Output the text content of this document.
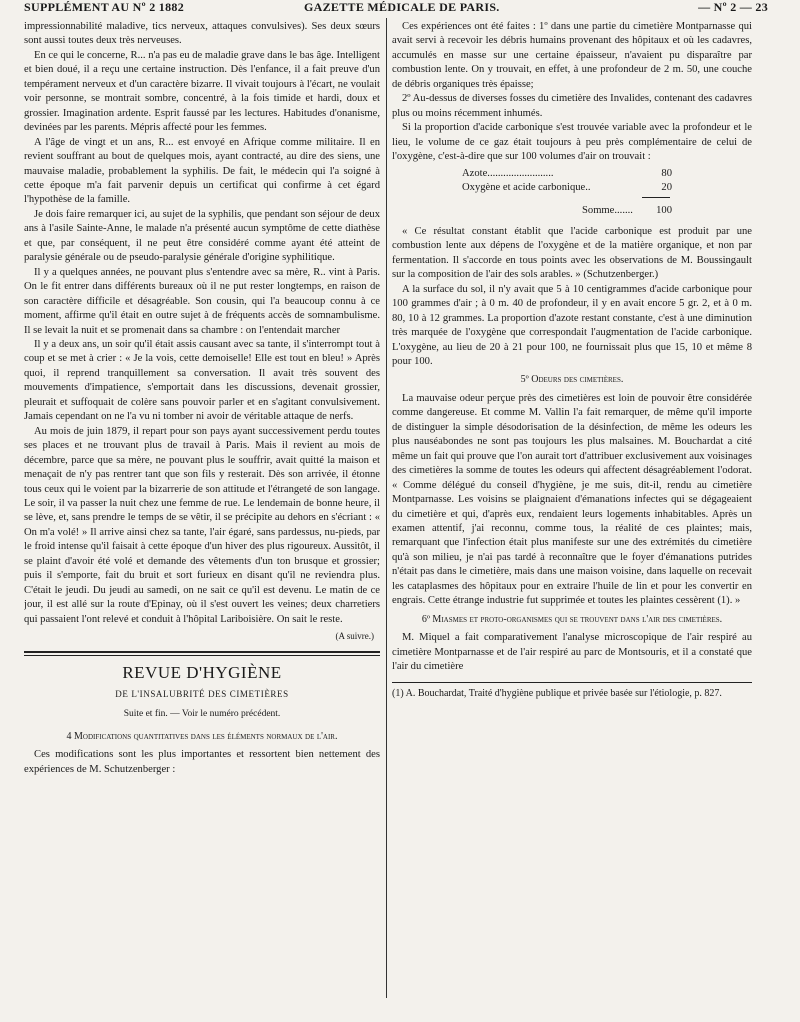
SUPPLÉMENT AU Nº 2 1882	GAZETTE MÉDICALE DE PARIS.	— Nº 2 — 23

impressionnabilité maladive, tics nerveux, attaques convulsives). Ses deux sœurs sont aussi toutes deux très nerveuses.

En ce qui le concerne, R... n'a pas eu de maladie grave dans le bas âge. Intelligent et bien doué, il a reçu une certaine instruction. Dès l'enfance, il a fait preuve d'un tempérament nerveux et d'un caractère bizarre. Il vivait toujours à l'écart, ne voulait voir personne, se montrait sombre, concentré, à la fois timide et hardi, doux et grossier. Imagination ardente. Esprit faussé par les lectures. Habitudes d'onanisme, devinées par les parents. Mépris affecté pour les femmes.

A l'âge de vingt et un ans, R... est envoyé en Afrique comme militaire. Il en revient souffrant au bout de quelques mois, ayant contracté, au dire des siens, une mauvaise maladie, probablement la syphilis. De fait, le médecin qui l'a soigné à cette époque m'a fait parvenir depuis un certificat qui confirme à cet égard l'hypothèse de la famille.

Je dois faire remarquer ici, au sujet de la syphilis, que pendant son séjour de deux ans à l'asile Sainte-Anne, le malade n'a présenté aucun symptôme de cette diathèse et que, par conséquent, il ne peut être considéré comme ayant été atteint de paralysie générale ou de pseudo-paralysie générale d'origine syphilitique.

Il y a quelques années, ne pouvant plus s'entendre avec sa mère, R.. vint à Paris. On le fit entrer dans différents bureaux où il ne put rester longtemps, en raison de son caractère difficile et désagréable. Son cousin, qui l'a beaucoup connu à ce moment, affirme qu'il était en outre sujet à de fréquents accès de somnambulisme. Il se levait la nuit et se promenait dans sa chambre : on l'entendait marcher

Il y a deux ans, un soir qu'il était assis causant avec sa tante, il s'interrompt tout à coup et se met à crier : « Je la vois, cette demoiselle! Elle est tout en bleu! » Après quoi, il reprend tranquillement sa conversation. Il avait très souvent des mouvements d'impatience, s'emportait dans les discussions, devenait grossier, pleurait et suffoquait de colère sans pouvoir parler et en s'agitant convulsivement. Jamais cependant on ne l'a vu ni tomber ni avoir de véritable attaque de nerfs.

Au mois de juin 1879, il repart pour son pays ayant successivement perdu toutes ses places et ne trouvant plus de travail à Paris. Mais il revient au mois de décembre, parce que sa mère, ne pouvant plus le souffrir, avait quitté la maison et menaçait de n'y pas rentrer tant que son fils y resterait. Dès son arrivée, il étonne tous ceux qui le voient par la bizarrerie de son attitude et l'étrangeté de son langage. Le soir, il va passer la nuit chez une femme de rue. Le lendemain de bonne heure, il se lève, et, sans prendre le temps de se vêtir, il se précipite au dehors en s'écriant : « On m'a volé! » Il arrive ainsi chez sa tante, l'air égaré, sans pardessus, nu-pieds, par le froid intense qu'il faisait à cette époque d'un hiver des plus rigoureux. Aussitôt, il se plaint d'avoir été volé et demande des vêtements d'un ton brusque et grossier; puis il s'emporte, fait du bruit et sort furieux en disant qu'il ne reviendra plus. C'était le jeudi. Du jeudi au samedi, on ne sait ce qu'il est devenu. Le matin de ce jour, il est allé sur la route d'Epinay, où il s'est ouvert les veines; deux charretiers qui passaient l'ont relevé et conduit à l'hôpital Lariboisière. On sait le reste.

(A suivre.)
REVUE D'HYGIÈNE
DE L'INSALUBRITÉ DES CIMETIÈRES
Suite et fin. — Voir le numéro précédent.
4 Modifications quantitatives dans les éléments normaux de l'air.

Ces modifications sont les plus importantes et ressortent bien nettement des expériences de M. Schutzenberger :

Ces expériences ont été faites : 1º dans une partie du cimetière Montparnasse qui avait servi à recevoir les débris humains provenant des hôpitaux et où les cadavres, accumulés en masse sur une certaine épaisseur, n'avaient pu disparaître par combustion lente. On y trouvait, en effet, à une profondeur de 2 m. 50, une couche de débris organiques très épaisse;

2º Au-dessus de diverses fosses du cimetière des Invalides, contenant des cadavres plus ou moins récemment inhumés.

Si la proportion d'acide carbonique s'est trouvée variable avec la profondeur et le lieu, le volume de ce gaz était toujours à peu près complémentaire de celui de l'oxygène, c'est-à-dire que sur 100 volumes d'air on trouvait :

Azote.........................	80
Oxygène et acide carbonique..	20
Somme....... 100

« Ce résultat constant établit que l'acide carbonique est produit par une combustion lente aux dépens de l'oxygène et de la matière organique, et non par fermentation. Il s'accorde en tous points avec les observations de M. Boussingault sur la composition de l'air des sols arables. » (Schutzenberger.)

A la surface du sol, il n'y avait que 5 à 10 centigrammes d'acide carbonique pour 100 grammes d'air ; à 0 m. 40 de profondeur, il y en avait encore 5 gr. 2, et à 0 m. 80, 10 à 12 grammes. La proportion d'azote restant constante, c'est à une diminution très marquée de l'oxygène que correspondait l'augmentation de l'acide carbonique. L'oxygène, au lieu de 20 à 21 pour 100, ne fournissait plus que 15, 10 et même 8 pour 100.

5º Odeurs des cimetières.

La mauvaise odeur perçue près des cimetières est loin de pouvoir être considérée comme dangereuse. Et comme M. Vallin l'a fait remarquer, de même qu'il importe de distinguer la simple désodorisation de la désinfection, de même les odeurs les plus nauséabondes ne sont pas toujours les plus malsaines. M. Bouchardat a cité même un fait qui prouve que l'on aurait tort d'attribuer exclusivement aux voisinages des cimetières la somme de toutes les odeurs qui affectent désagréablement l'odorat. « Comme délégué du conseil d'hygiène, je me suis, dit-il, rendu au cimetière Montparnasse. Les voisins se plaignaient d'émanations infectes qui se dégageaient du cimetière et qui, d'après eux, rendaient leurs logements inhabitables. Après un examen attentif, j'ai reconnu, comme tous, la réalité de ces plaintes; mais, remarquant que l'infection était plus manifeste sur une des extrémités du cimetière qu'à son milieu, je n'ai pas tardé à reconnaître que le foyer d'émanations putrides n'était pas dans le cimetière, mais dans une maison voisine, dans laquelle on recevait les cataplasmes des hôpitaux pour en extraire l'huile de lin et pour les convertir en engrais. Cette étrange industrie fut supprimée et toutes les plaintes cessèrent (1). »

6º Miasmes et proto-organismes qui se trouvent dans l'air des cimetières.

M. Miquel a fait comparativement l'analyse microscopique de l'air respiré au cimetière Montparnasse et de l'air respiré au parc de Montsouris, et il a constaté que l'air du cimetière

(1) A. Bouchardat, Traité d'hygiène publique et privée basée sur l'étiologie, p. 827.
